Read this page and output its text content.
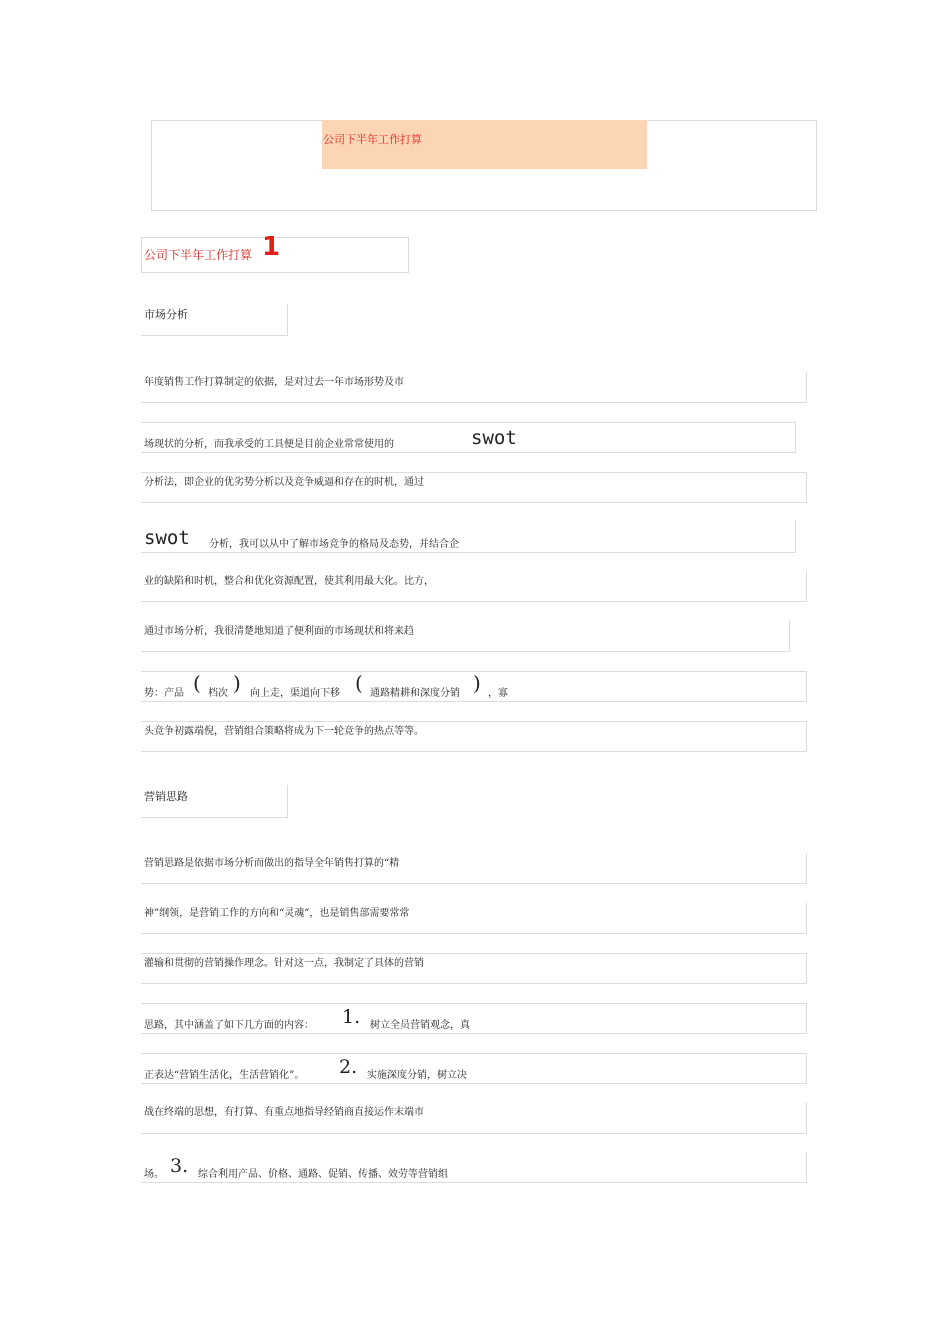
公司下半年工作打算
公司下半年工作打算 1
市场分析
年度销售工作打算制定的依据，是对过去一年市场形势及市
场现状的分析，而我承受的工具便是目前企业常常使用的	swot
分析法，即企业的优劣势分析以及竞争威逼和存在的时机，通过
swot 分析，我可以从中了解市场竞争的格局及态势，并结合企
业的缺陷和时机，整合和优化资源配置，使其利用最大化。比方，
通过市场分析，我很清楚地知道了便利面的市场现状和将来趋
势：产品 ( 档次 ) 向上走，渠道向下移 ( 通路精耕和深度分销 ) ，寡
头竞争初露端倪，营销组合策略将成为下一轮竞争的热点等等。
营销思路
营销思路是依据市场分析而做出的指导全年销售打算的“精
神”纲领，是营销工作的方向和“灵魂”，也是销售部需要常常
灌输和贯彻的营销操作理念。针对这一点，我制定了具体的营销
思路，其中涵盖了如下几方面的内容： 1. 树立全员营销观念，真
正表达“营销生活化，生活营销化”。 2. 实施深度分销，树立决
战在终端的思想，有打算、有重点地指导经销商直接运作末端市
场。 3. 综合利用产品、价格、通路、促销、传播、效劳等营销组
